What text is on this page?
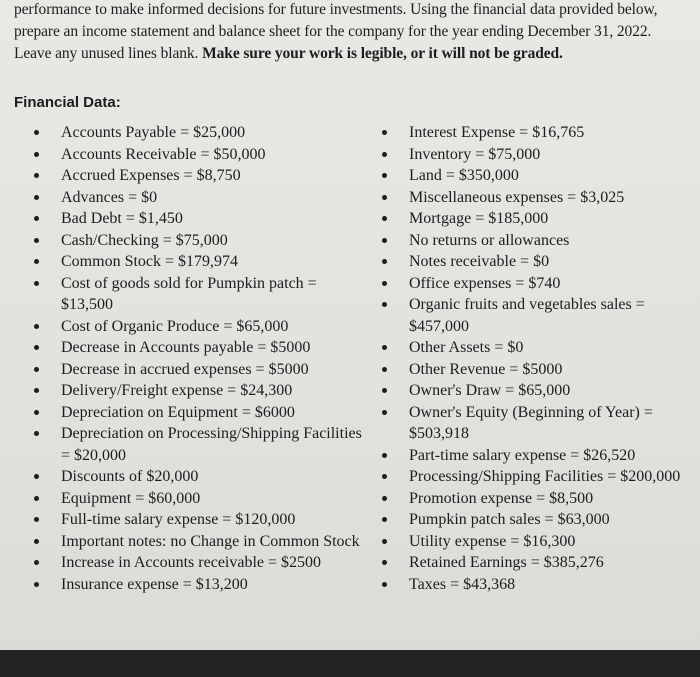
performance to make informed decisions for future investments. Using the financial data provided below, prepare an income statement and balance sheet for the company for the year ending December 31, 2022. Leave any unused lines blank. Make sure your work is legible, or it will not be graded.
Financial Data:
Accounts Payable = $25,000
Accounts Receivable = $50,000
Accrued Expenses = $8,750
Advances = $0
Bad Debt = $1,450
Cash/Checking = $75,000
Common Stock = $179,974
Cost of goods sold for Pumpkin patch = $13,500
Cost of Organic Produce = $65,000
Decrease in Accounts payable = $5000
Decrease in accrued expenses = $5000
Delivery/Freight expense = $24,300
Depreciation on Equipment = $6000
Depreciation on Processing/Shipping Facilities = $20,000
Discounts of $20,000
Equipment = $60,000
Full-time salary expense = $120,000
Important notes: no Change in Common Stock
Increase in Accounts receivable = $2500
Insurance expense = $13,200
Interest Expense = $16,765
Inventory = $75,000
Land = $350,000
Miscellaneous expenses = $3,025
Mortgage = $185,000
No returns or allowances
Notes receivable = $0
Office expenses = $740
Organic fruits and vegetables sales = $457,000
Other Assets = $0
Other Revenue = $5000
Owner's Draw = $65,000
Owner's Equity (Beginning of Year) = $503,918
Part-time salary expense = $26,520
Processing/Shipping Facilities = $200,000
Promotion expense = $8,500
Pumpkin patch sales = $63,000
Utility expense = $16,300
Retained Earnings = $385,276
Taxes = $43,368
